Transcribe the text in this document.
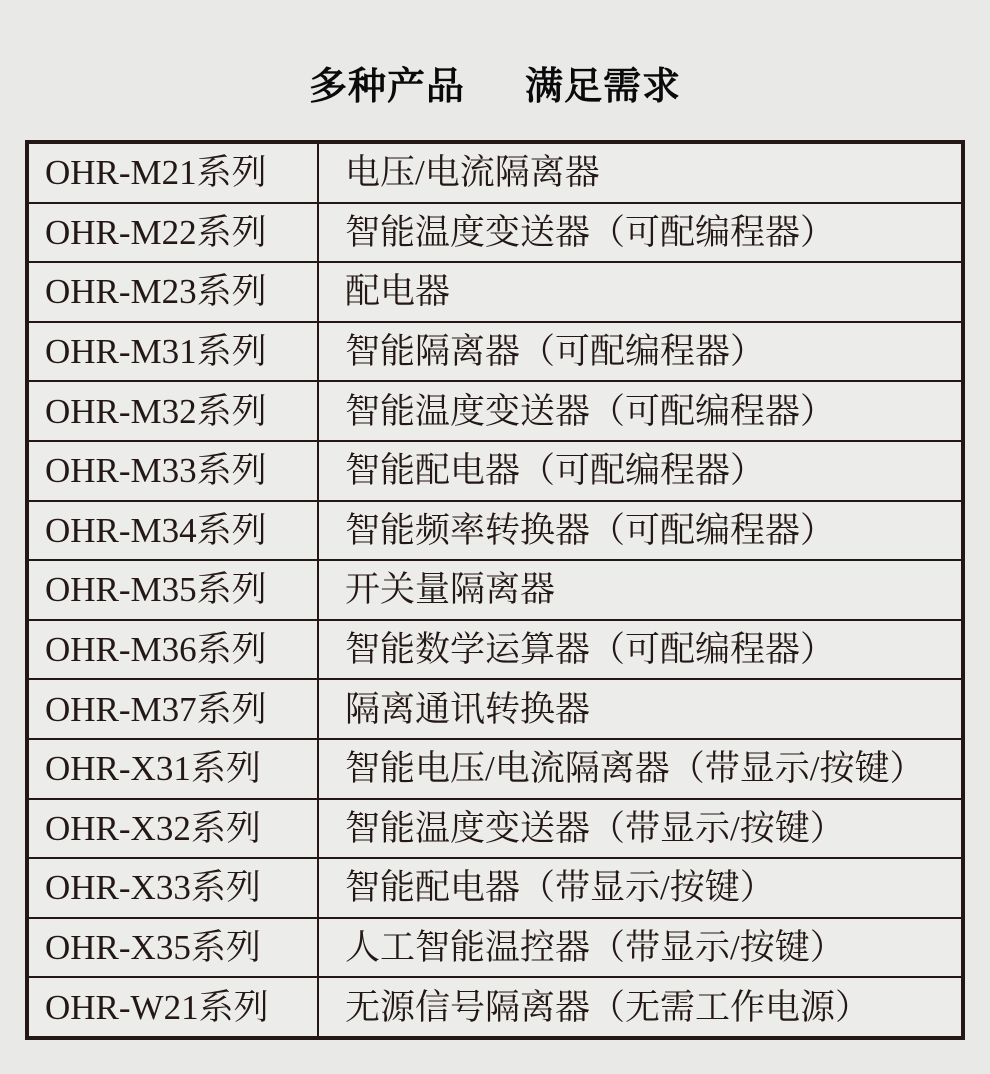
多种产品 满足需求
OHR-M21系列	电压/电流隔离器
OHR-M22系列	智能温度变送器（可配编程器）
OHR-M23系列	配电器
OHR-M31系列	智能隔离器（可配编程器）
OHR-M32系列	智能温度变送器（可配编程器）
OHR-M33系列	智能配电器（可配编程器）
OHR-M34系列	智能频率转换器（可配编程器）
OHR-M35系列	开关量隔离器
OHR-M36系列	智能数学运算器（可配编程器）
OHR-M37系列	隔离通讯转换器
OHR-X31系列	智能电压/电流隔离器（带显示/按键）
OHR-X32系列	智能温度变送器（带显示/按键）
OHR-X33系列	智能配电器（带显示/按键）
OHR-X35系列	人工智能温控器（带显示/按键）
OHR-W21系列	无源信号隔离器（无需工作电源）
